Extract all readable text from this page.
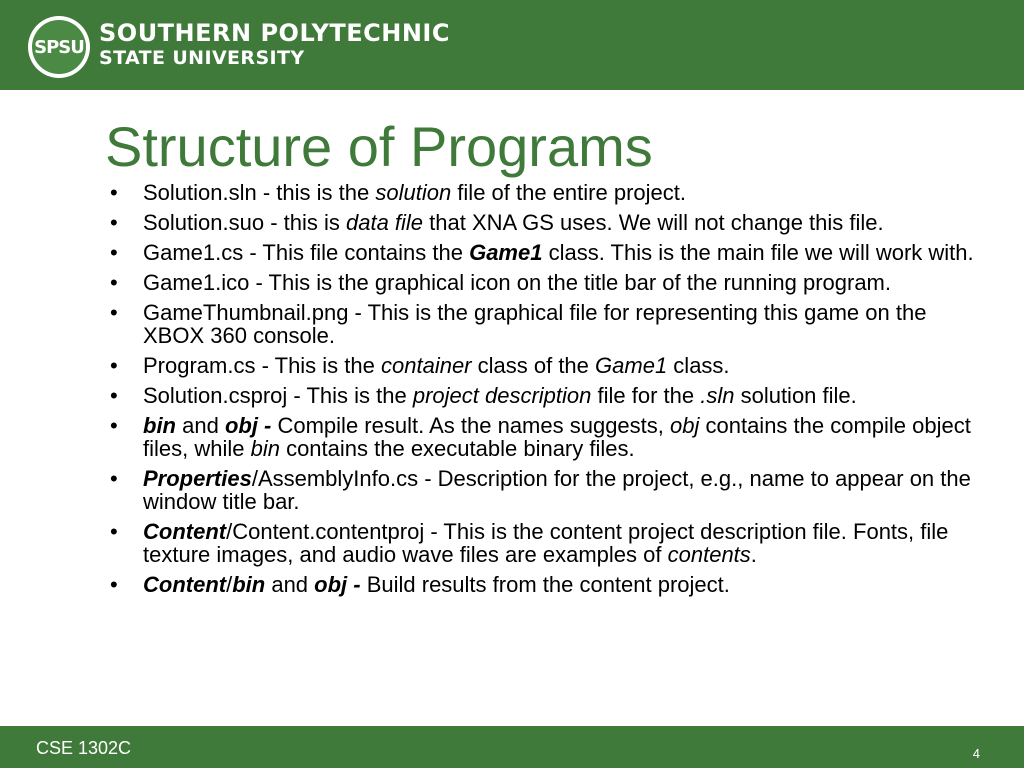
SPSU SOUTHERN POLYTECHNIC
STATE UNIVERSITY
Structure of Programs
• Solution.sln - this is the solution file of the entire project.
• Solution.suo - this is data file that XNA GS uses. We will not change this file.
• Game1.cs - This file contains the Game1 class. This is the main file we will work with.
• Game1.ico - This is the graphical icon on the title bar of the running program.
• GameThumbnail.png - This is the graphical file for representing this game on the XBOX 360 console.
• Program.cs - This is the container class of the Game1 class.
• Solution.csproj - This is the project description file for the .sln solution file.
• bin and obj - Compile result. As the names suggests, obj contains the compile object files, while bin contains the executable binary files.
• Properties/AssemblyInfo.cs - Description for the project, e.g., name to appear on the window title bar.
• Content/Content.contentproj - This is the content project description file. Fonts, file texture images, and audio wave files are examples of contents.
• Content/bin and obj - Build results from the content project.
CSE 1302C	4
